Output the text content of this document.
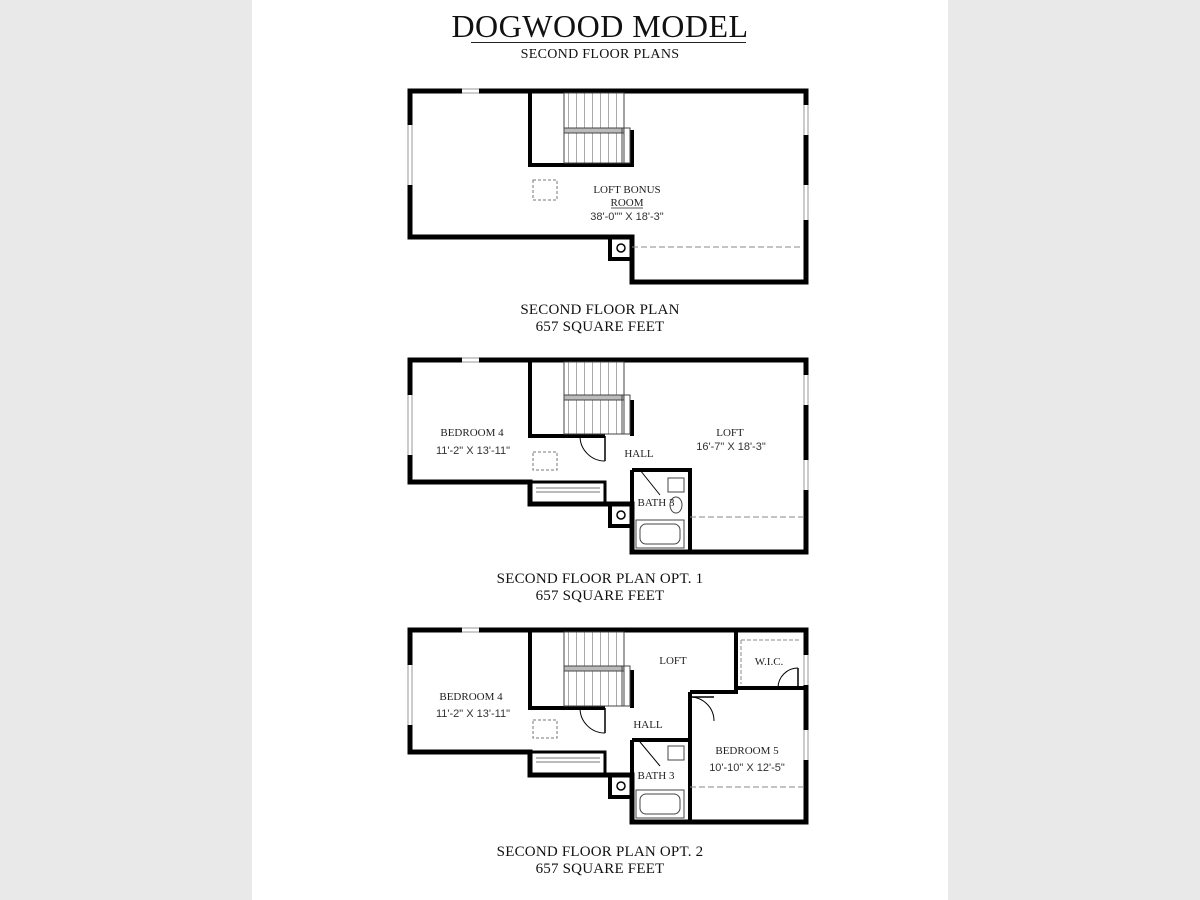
DOGWOOD MODEL
SECOND FLOOR PLANS
LOFT BONUS
ROOM
38'-0"" X 18'-3"
BEDROOM 4
11'-2" X 13'-11"
LOFT
16'-7" X 18'-3"
HALL
BATH 3
BEDROOM 4
11'-2" X 13'-11"
LOFT	W.I.C.
HALL
BEDROOM 5
10'-10" X 12'-5"
BATH 3
SECOND FLOOR PLAN
657 SQUARE FEET
SECOND FLOOR PLAN OPT. 1
657 SQUARE FEET
SECOND FLOOR PLAN OPT. 2
657 SQUARE FEET
